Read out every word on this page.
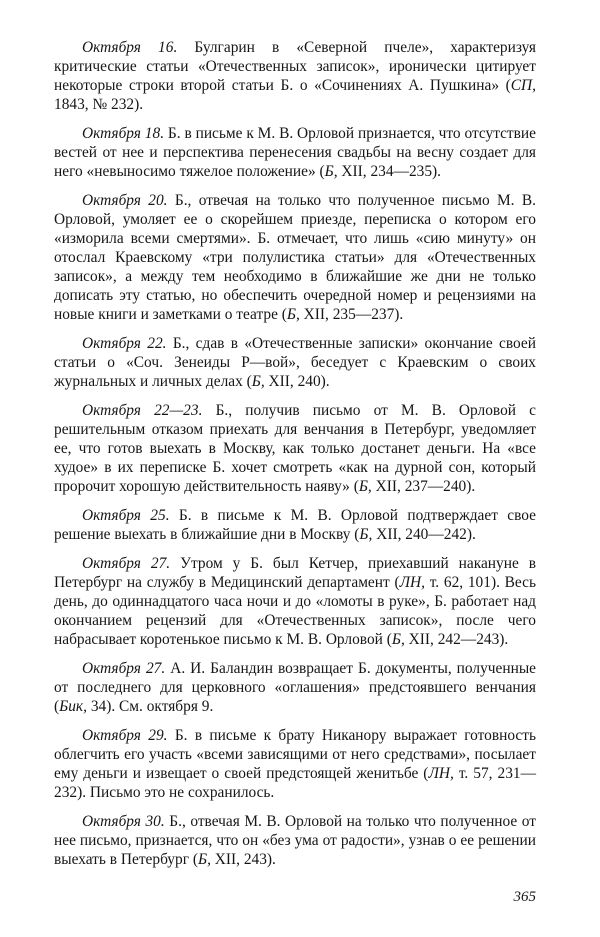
Октября 16. Булгарин в «Северной пчеле», характеризуя критические статьи «Отечественных записок», иронически цитирует некоторые строки второй статьи Б. о «Сочинениях А. Пушкина» (СП, 1843, № 232).

Октября 18. Б. в письме к М. В. Орловой признается, что отсутствие вестей от нее и перспектива перенесения свадьбы на весну создает для него «невыносимо тяжелое положение» (Б, XII, 234—235).

Октября 20. Б., отвечая на только что полученное письмо М. В. Орловой, умоляет ее о скорейшем приезде, переписка о котором его «изморила всеми смертями». Б. отмечает, что лишь «сию минуту» он отослал Краевскому «три полулистика статьи» для «Отечественных записок», а между тем необходимо в ближайшие же дни не только дописать эту статью, но обеспечить очередной номер и рецензиями на новые книги и заметками о театре (Б, XII, 235—237).

Октября 22. Б., сдав в «Отечественные записки» окончание своей статьи о «Соч. Зенеиды Р—вой», беседует с Краевским о своих журнальных и личных делах (Б, XII, 240).

Октября 22—23. Б., получив письмо от М. В. Орловой с решительным отказом приехать для венчания в Петербург, уведомляет ее, что готов выехать в Москву, как только достанет деньги. На «все худое» в их переписке Б. хочет смотреть «как на дурной сон, который пророчит хорошую действительность наяву» (Б, XII, 237—240).

Октября 25. Б. в письме к М. В. Орловой подтверждает свое решение выехать в ближайшие дни в Москву (Б, XII, 240—242).

Октября 27. Утром у Б. был Кетчер, приехавший накануне в Петербург на службу в Медицинский департамент (ЛН, т. 62, 101). Весь день, до одиннадцатого часа ночи и до «ломоты в руке», Б. работает над окончанием рецензий для «Отечественных записок», после чего набрасывает коротенькое письмо к М. В. Орловой (Б, XII, 242—243).

Октября 27. А. И. Баландин возвращает Б. документы, полученные от последнего для церковного «оглашения» предстоявшего венчания (Бик, 34). См. октября 9.

Октября 29. Б. в письме к брату Никанору выражает готовность облегчить его участь «всеми зависящими от него средствами», посылает ему деньги и извещает о своей предстоящей женитьбе (ЛН, т. 57, 231—232). Письмо это не сохранилось.

Октября 30. Б., отвечая М. В. Орловой на только что полученное от нее письмо, признается, что он «без ума от радости», узнав о ее решении выехать в Петербург (Б, XII, 243).

365
